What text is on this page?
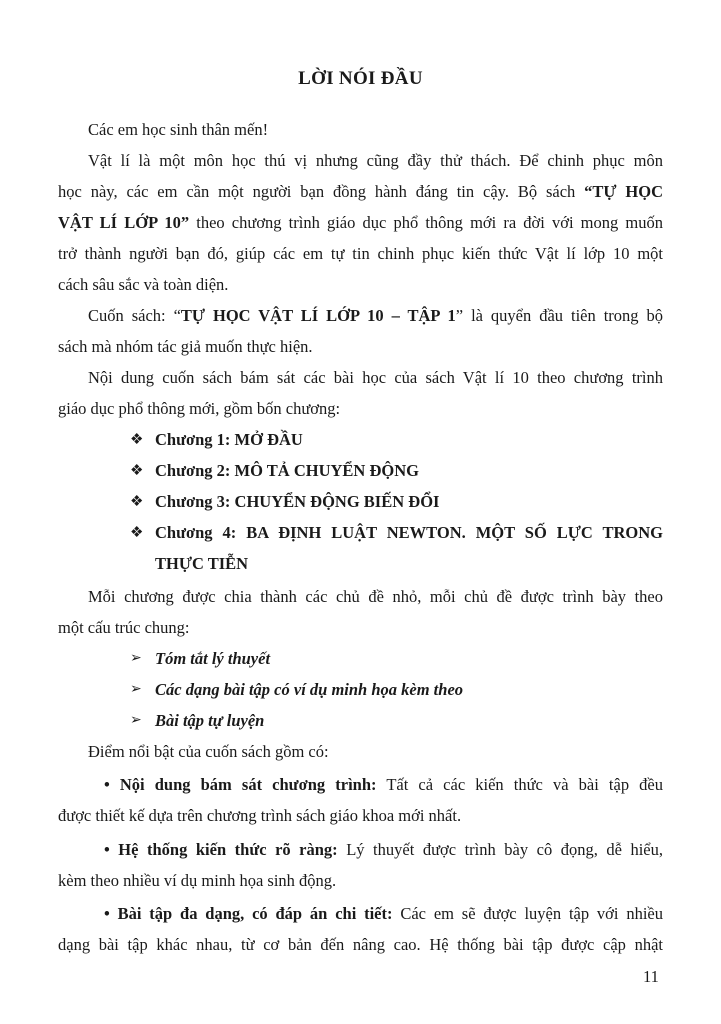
LỜI NÓI ĐẦU
Các em học sinh thân mến!
Vật lí là một môn học thú vị nhưng cũng đầy thử thách. Để chinh phục môn
học này, các em cần một người bạn đồng hành đáng tin cậy. Bộ sách “TỰ HỌC
VẬT LÍ LỚP 10” theo chương trình giáo dục phổ thông mới ra đời với mong muốn
trở thành người bạn đó, giúp các em tự tin chinh phục kiến thức Vật lí lớp 10 một
cách sâu sắc và toàn diện.
Cuốn sách: “TỰ HỌC VẬT LÍ LỚP 10 – TẬP 1” là quyển đầu tiên trong bộ
sách mà nhóm tác giả muốn thực hiện.
Nội dung cuốn sách bám sát các bài học của sách Vật lí 10 theo chương trình
giáo dục phổ thông mới, gồm bốn chương:
❖ Chương 1: MỞ ĐẦU
❖ Chương 2: MÔ TẢ CHUYỂN ĐỘNG
❖ Chương 3: CHUYỂN ĐỘNG BIẾN ĐỔI
❖ Chương 4: BA ĐỊNH LUẬT NEWTON. MỘT SỐ LỰC TRONG
THỰC TIỄN
Mỗi chương được chia thành các chủ đề nhỏ, mỗi chủ đề được trình bày theo
một cấu trúc chung:
➢ Tóm tắt lý thuyết
➢ Các dạng bài tập có ví dụ minh họa kèm theo
➢ Bài tập tự luyện
Điểm nổi bật của cuốn sách gồm có:
• Nội dung bám sát chương trình: Tất cả các kiến thức và bài tập đều
được thiết kế dựa trên chương trình sách giáo khoa mới nhất.
• Hệ thống kiến thức rõ ràng: Lý thuyết được trình bày cô đọng, dễ hiểu,
kèm theo nhiều ví dụ minh họa sinh động.
• Bài tập đa dạng, có đáp án chi tiết: Các em sẽ được luyện tập với nhiều
dạng bài tập khác nhau, từ cơ bản đến nâng cao. Hệ thống bài tập được cập nhật
11
